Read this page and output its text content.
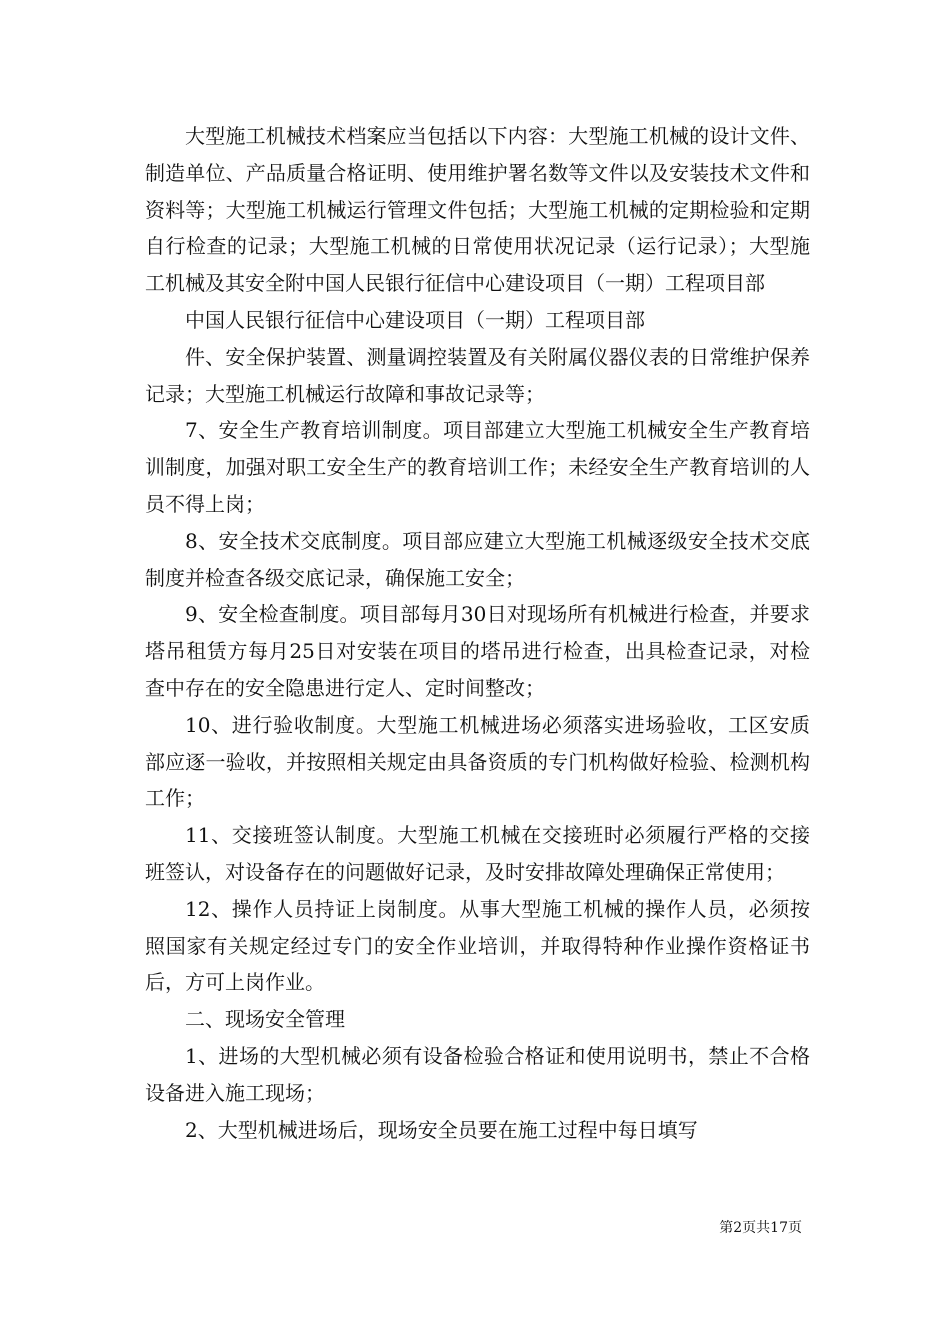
大型施工机械技术档案应当包括以下内容：大型施工机械的设计文件、制造单位、产品质量合格证明、使用维护署名数等文件以及安装技术文件和资料等；大型施工机械运行管理文件包括；大型施工机械的定期检验和定期自行检查的记录；大型施工机械的日常使用状况记录（运行记录）；大型施工机械及其安全附中国人民银行征信中心建设项目（一期）工程项目部

中国人民银行征信中心建设项目（一期）工程项目部

件、安全保护装置、测量调控装置及有关附属仪器仪表的日常维护保养记录；大型施工机械运行故障和事故记录等；

7、安全生产教育培训制度。项目部建立大型施工机械安全生产教育培训制度，加强对职工安全生产的教育培训工作；未经安全生产教育培训的人员不得上岗；

8、安全技术交底制度。项目部应建立大型施工机械逐级安全技术交底制度并检查各级交底记录，确保施工安全；

9、安全检查制度。项目部每月30日对现场所有机械进行检查，并要求塔吊租赁方每月25日对安装在项目的塔吊进行检查，出具检查记录，对检查中存在的安全隐患进行定人、定时间整改；

10、进行验收制度。大型施工机械进场必须落实进场验收，工区安质部应逐一验收，并按照相关规定由具备资质的专门机构做好检验、检测机构工作；

11、交接班签认制度。大型施工机械在交接班时必须履行严格的交接班签认，对设备存在的问题做好记录，及时安排故障处理确保正常使用；

12、操作人员持证上岗制度。从事大型施工机械的操作人员，必须按照国家有关规定经过专门的安全作业培训，并取得特种作业操作资格证书后，方可上岗作业。

二、现场安全管理

1、进场的大型机械必须有设备检验合格证和使用说明书，禁止不合格设备进入施工现场；

2、大型机械进场后，现场安全员要在施工过程中每日填写

第2页共17页
